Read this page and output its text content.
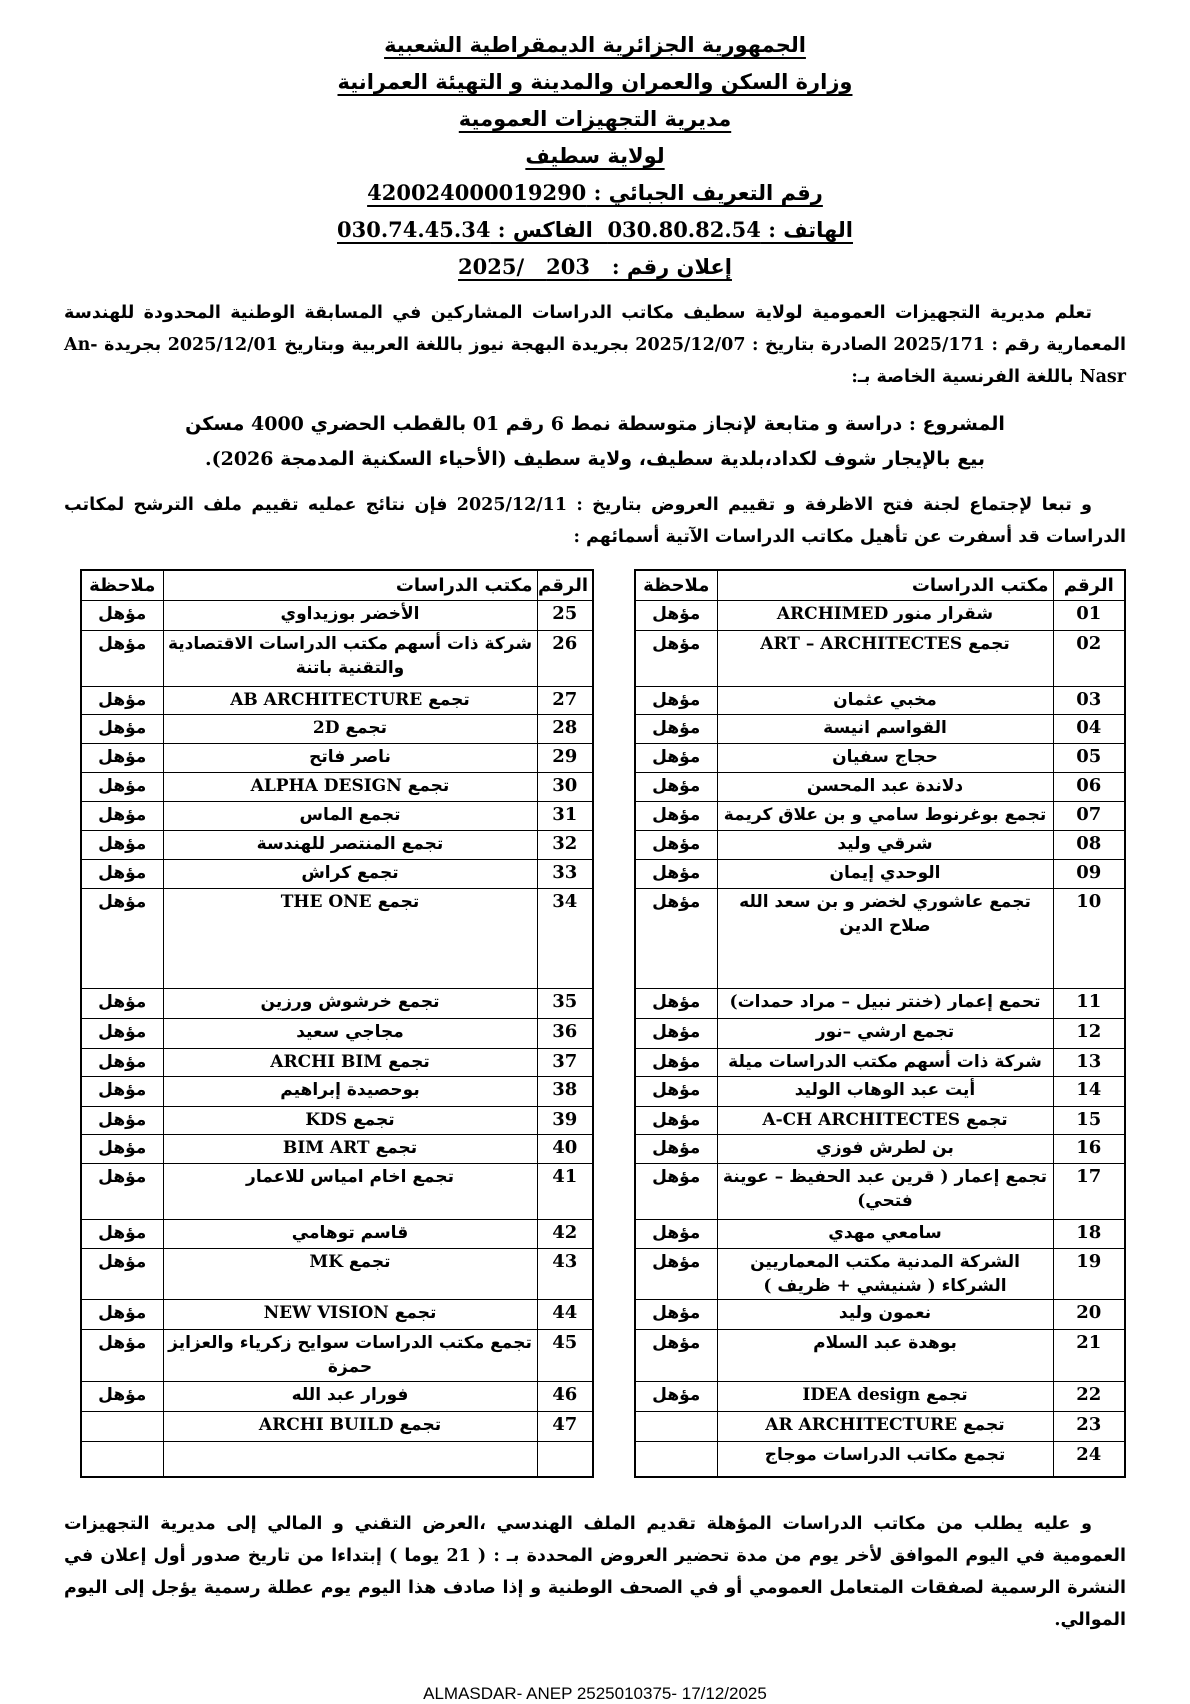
الجمهورية الجزائرية الديمقراطية الشعبية
وزارة السكن والعمران والمدينة و التهيئة العمرانية
مديرية التجهيزات العمومية
لولاية سطيف
رقم التعريف الجبائي : 420024000019290
الهاتف : 030.80.82.54  الفاكس : 030.74.45.34
إعلان رقم :   203   /2025

تعلم مديرية التجهيزات العمومية لولاية سطيف مكاتب الدراسات المشاركين في المسابقة الوطنية المحدودة للهندسة المعمارية رقم : 2025/171 الصادرة بتاريخ : 2025/12/07 بجريدة البهجة نيوز باللغة العربية وبتاريخ 2025/12/01 بجريدة An-Nasr باللغة الفرنسية الخاصة بـ:

المشروع : دراسة و متابعة لإنجاز متوسطة نمط 6 رقم 01 بالقطب الحضري 4000 مسكن
بيع بالإيجار شوف لكداد،بلدية سطيف، ولاية سطيف (الأحياء السكنية المدمجة 2026).

و تبعا لإجتماع لجنة فتح الاظرفة و تقييم العروض بتاريخ : 2025/12/11 فإن نتائج عمليه تقييم ملف الترشح لمكاتب الدراسات قد أسفرت عن تأهيل مكاتب الدراسات الآتية أسمائهم :

الرقم	مكتب الدراسات	ملاحظة
01	شقرار منور ARCHIMED	مؤهل
02	تجمع ART – ARCHITECTES	مؤهل
03	مخبي عثمان	مؤهل
04	القواسم انيسة	مؤهل
05	حجاج سفيان	مؤهل
06	دلاندة عبد المحسن	مؤهل
07	تجمع بوغرنوط سامي و بن علاق كريمة	مؤهل
08	شرقي وليد	مؤهل
09	الوحدي إيمان	مؤهل
10	تجمع عاشوري لخضر و بن سعد الله صلاح الدين	مؤهل
11	تحمع إعمار (خنتر نبيل – مراد حمدات)	مؤهل
12	تجمع ارشي –نور	مؤهل
13	شركة ذات أسهم مكتب الدراسات ميلة	مؤهل
14	أيت عبد الوهاب الوليد	مؤهل
15	تجمع A-CH ARCHITECTES	مؤهل
16	بن لطرش فوزي	مؤهل
17	تجمع إعمار ( قرين عبد الحفيظ – عوينة فتحي)	مؤهل
18	سامعي مهدي	مؤهل
19	الشركة المدنية مكتب المعماريين الشركاء ( شنيشي + ظريف )	مؤهل
20	نعمون وليد	مؤهل
21	بوهدة عبد السلام	مؤهل
22	تجمع IDEA design	مؤهل
23	تجمع AR ARCHITECTURE	
24	تجمع مكاتب الدراسات موجاج	
الرقم	مكتب الدراسات	ملاحظة
25	الأخضر بوزيداوي	مؤهل
26	شركة ذات أسهم مكتب الدراسات الاقتصادية والتقنية باتنة	مؤهل
27	تجمع AB ARCHITECTURE	مؤهل
28	تجمع 2D	مؤهل
29	ناصر فاتح	مؤهل
30	تجمع ALPHA DESIGN	مؤهل
31	تجمع الماس	مؤهل
32	تجمع المنتصر للهندسة	مؤهل
33	تجمع كراش	مؤهل
34	تجمع THE ONE	مؤهل
35	تجمع خرشوش ورزين	مؤهل
36	مجاجي سعيد	مؤهل
37	تجمع ARCHI BIM	مؤهل
38	بوحصيدة إبراهيم	مؤهل
39	تجمع KDS	مؤهل
40	تجمع BIM ART	مؤهل
41	تجمع اخام امياس للاعمار	مؤهل
42	قاسم توهامي	مؤهل
43	تجمع MK	مؤهل
44	تجمع NEW VISION	مؤهل
45	تجمع مكتب الدراسات سوايح زكرياء والعزايز حمزة	مؤهل
46	فورار عبد الله	مؤهل
47	تجمع ARCHI BUILD	

و عليه يطلب من مكاتب الدراسات المؤهلة تقديم الملف الهندسي ،العرض التقني و المالي إلى مديرية التجهيزات العمومية في اليوم الموافق لأخر يوم من مدة تحضير العروض المحددة بـ : ( 21 يوما ) إبتداءا من تاريخ صدور أول إعلان في النشرة الرسمية لصفقات المتعامل العمومي أو في الصحف الوطنية و إذا صادف هذا اليوم يوم عطلة رسمية يؤجل إلى اليوم الموالي.

ALMASDAR- ANEP 2525010375- 17/12/2025
